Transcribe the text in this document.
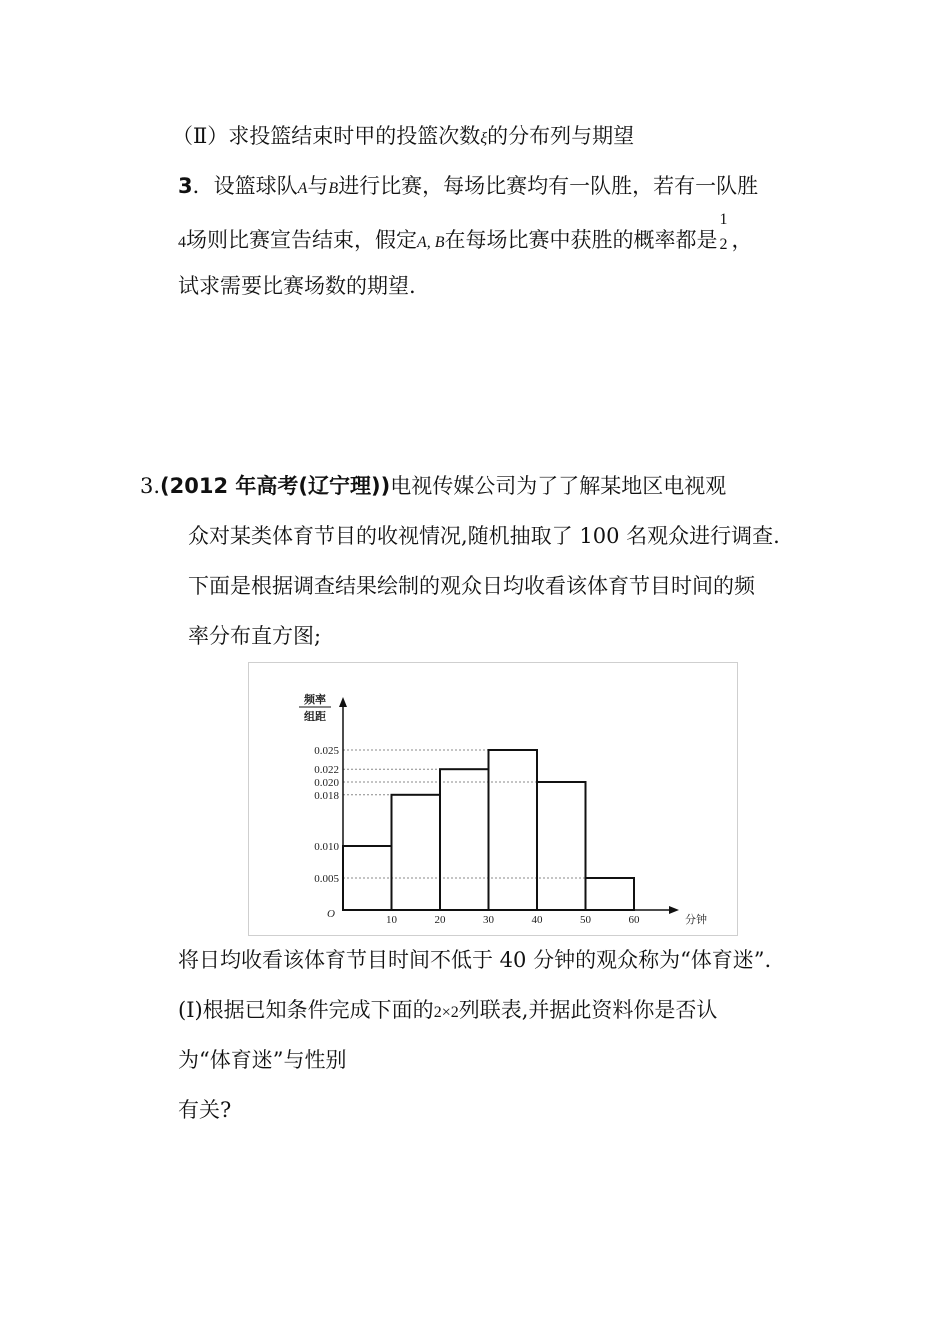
（Ⅱ）求投篮结束时甲的投篮次数ξ的分布列与期望
3．设篮球队A与B进行比赛，每场比赛均有一队胜，若有一队胜
4场则比赛宣告结束，假定A, B在每场比赛中获胜的概率都是
1
2 ，
试求需要比赛场数的期望.
3.(2012 年高考(辽宁理))电视传媒公司为了了解某地区电视观
众对某类体育节目的收视情况,随机抽取了 100 名观众进行调查.
下面是根据调查结果绘制的观众日均收看该体育节目时间的频
率分布直方图;
0.025
0.022
0.020
0.018
0.010
0.005
10	20	30	40	50	60
O
频率
组距
分钟
将日均收看该体育节目时间不低于 40 分钟的观众称为“体育迷”.
(Ⅰ)根据已知条件完成下面的2×2列联表,并据此资料你是否认
为“体育迷”与性别
有关?
